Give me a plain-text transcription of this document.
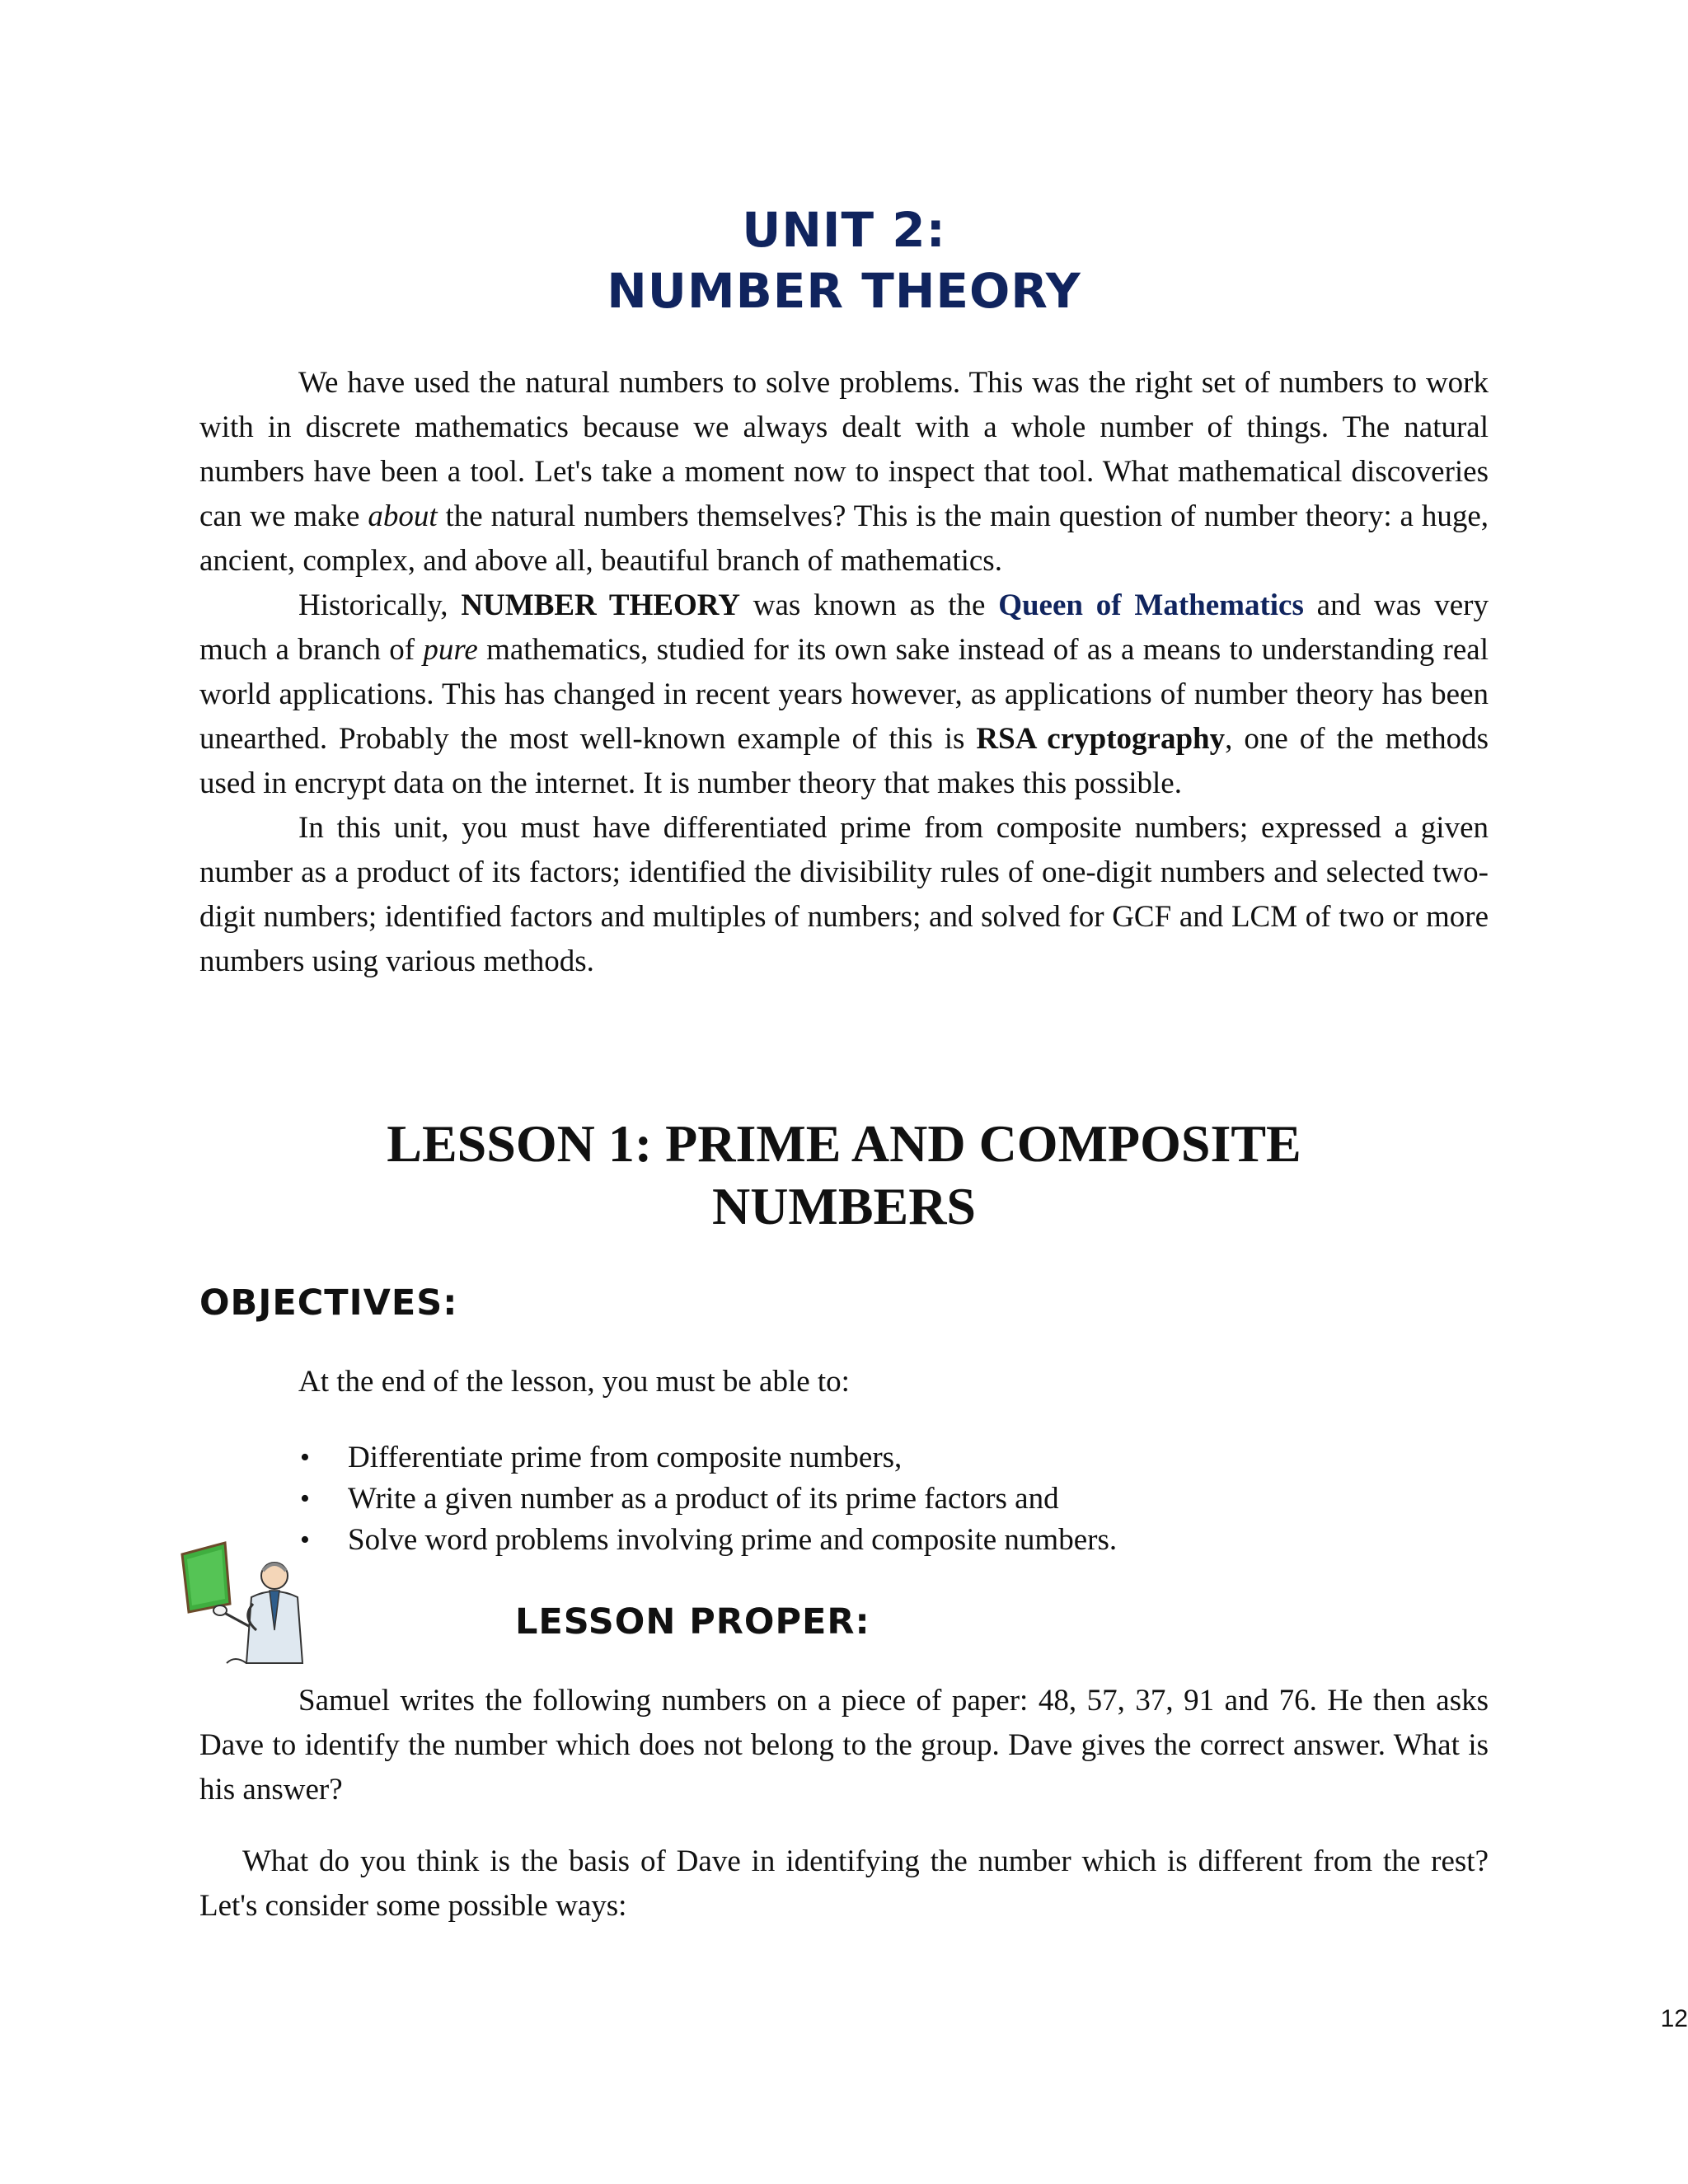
UNIT 2:
NUMBER THEORY

We have used the natural numbers to solve problems. This was the right set of numbers to work with in discrete mathematics because we always dealt with a whole number of things. The natural numbers have been a tool. Let's take a moment now to inspect that tool. What mathematical discoveries can we make about the natural numbers themselves? This is the main question of number theory: a huge, ancient, complex, and above all, beautiful branch of mathematics.

Historically, NUMBER THEORY was known as the Queen of Mathematics and was very much a branch of pure mathematics, studied for its own sake instead of as a means to understanding real world applications. This has changed in recent years however, as applications of number theory has been unearthed. Probably the most well-known example of this is RSA cryptography, one of the methods used in encrypt data on the internet. It is number theory that makes this possible.

In this unit, you must have differentiated prime from composite numbers; expressed a given number as a product of its factors; identified the divisibility rules of one-digit numbers and selected two-digit numbers; identified factors and multiples of numbers; and solved for GCF and LCM of two or more numbers using various methods.

LESSON 1: PRIME AND COMPOSITE
NUMBERS
OBJECTIVES:
At the end of the lesson, you must be able to:
• Differentiate prime from composite numbers,
• Write a given number as a product of its prime factors and
• Solve word problems involving prime and composite numbers.
LESSON PROPER:

Samuel writes the following numbers on a piece of paper: 48, 57, 37, 91 and 76. He then asks Dave to identify the number which does not belong to the group. Dave gives the correct answer. What is his answer?

What do you think is the basis of Dave in identifying the number which is different from the rest? Let's consider some possible ways:

12
